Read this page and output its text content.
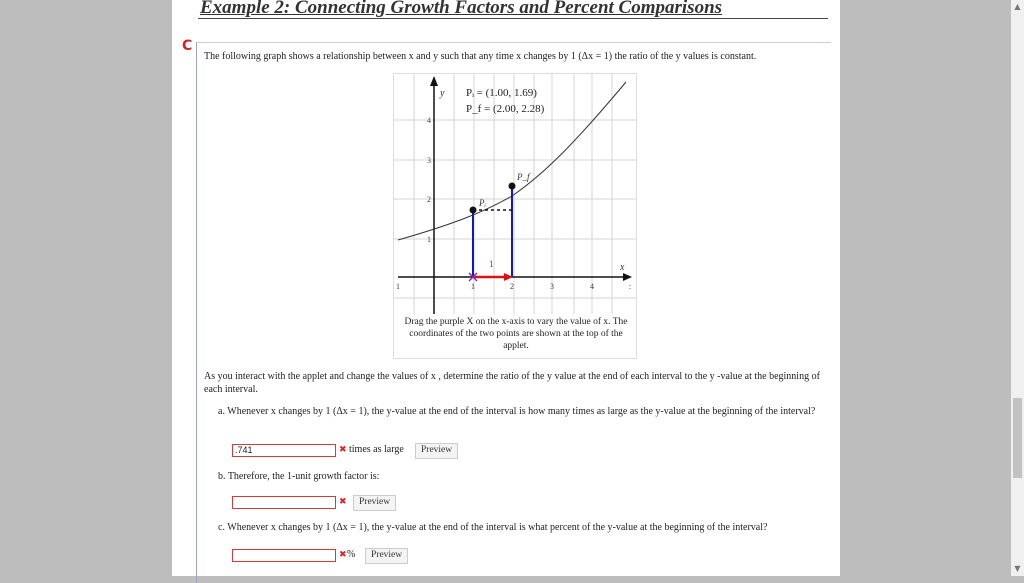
Example 2: Connecting Growth Factors and Percent Comparisons
C
The following graph shows a relationship between x and y such that any time x changes by 1 (Δx = 1) the ratio of the y values is constant.
1
Pᵢ
P_f
y
x
Pᵢ = (1.00, 1.69)
P_f = (2.00, 2.28)
4
3
2
1
1	1	2	3	4	:
Drag the purple X on the x-axis to vary the value of x. The coordinates of the two points are shown at the top of the applet.
As you interact with the applet and change the values of x , determine the ratio of the y value at the end of each interval to the y -value at the beginning of each interval.
a. Whenever x changes by 1 (Δx = 1), the y-value at the end of the interval is how many times as large as the y-value at the beginning of the interval?
.741	✖ times as large	Preview
b. Therefore, the 1-unit growth factor is:
✖	Preview
c. Whenever x changes by 1 (Δx = 1), the y-value at the end of the interval is what percent of the y-value at the beginning of the interval?
✖ %	Preview
▲
▼
